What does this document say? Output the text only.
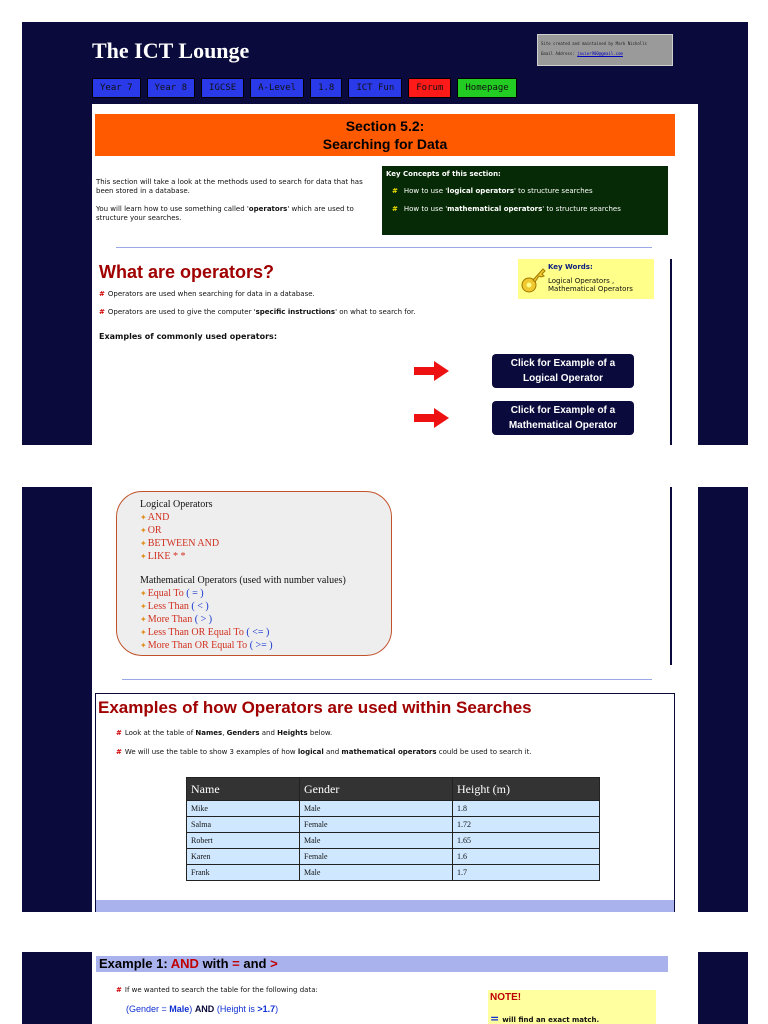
The ICT Lounge	Site created and maintained by Mark Nicholls
Email Address: javier900@gmail.com
Year 7	Year 8	IGCSE	A-Level	1.8	ICT Fun	Forum	Homepage
Section 5.2:
Searching for Data
This section will take a look at the methods used to search for data that has been stored in a database.
You will learn how to use something called 'operators' which are used to structure your searches.
Key Concepts of this section:
# How to use 'logical operators' to structure searches
# How to use 'mathematical operators' to structure searches
What are operators?
# Operators are used when searching for data in a database.
# Operators are used to give the computer 'specific instructions' on what to search for.
Examples of commonly used operators:
Key Words:
Logical Operators , Mathematical Operators
Click for Example of a Logical Operator
Click for Example of a Mathematical Operator
Logical Operators
✦AND
✦OR
✦BETWEEN AND
✦LIKE * *
Mathematical Operators (used with number values)
✦Equal To ( = )
✦Less Than ( < )
✦More Than ( > )
✦Less Than OR Equal To ( <= )
✦More Than OR Equal To ( >= )
Examples of how Operators are used within Searches
# Look at the table of Names, Genders and Heights below.
# We will use the table to show 3 examples of how logical and mathematical operators could be used to search it.
Name	Gender	Height (m)
Mike	Male	1.8
Salma	Female	1.72
Robert	Male	1.65
Karen	Female	1.6
Frank	Male	1.7
Example 1: AND with = and >
# If we wanted to search the table for the following data:
(Gender = Male) AND (Height is >1.7)
NOTE!
= will find an exact match.
